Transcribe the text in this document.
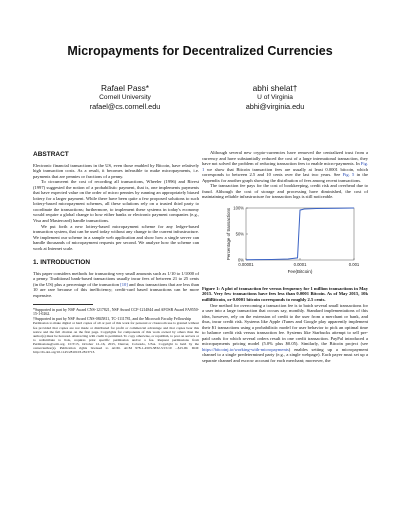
Micropayments for Decentralized Currencies
Rafael Pass*
Cornell University
rafael@cs.cornell.edu
abhi shelat†
U of Virginia
abhi@virginia.edu
ABSTRACT

Electronic financial transactions in the US, even those enabled by Bitcoin, have relatively high transaction costs. As a result, it becomes infeasible to make micropayments, i.e. payments that are pennies or fractions of a penny.

To circumvent the cost of recording all transactions, Wheeler (1996) and Rivest (1997) suggested the notion of a probabilistic payment, that is, one implements payments that have expected value on the order of micro pennies by running an appropriately biased lottery for a larger payment. While there have been quite a few proposed solutions to such lottery-based micropayment schemes, all these solutions rely on a trusted third party to coordinate the transactions; furthermore, to implement these systems in today's economy would require a global change to how either banks or electronic payment companies (e.g., Visa and Mastercard) handle transactions.

We put forth a new lottery-based micropayment scheme for any ledger-based transaction system, that can be used today without any change to the current infrastructure. We implement our scheme in a sample web application and show how a single server can handle thousands of micropayment requests per second. We analyze how the scheme can work at Internet scale.

1. INTRODUCTION

This paper considers methods for transacting very small amounts such as 1/10 to 1/1000 of a penny. Traditional bank-based transactions usually incur fees of between 21 to 25 cents (in the US) plus a percentage of the transaction [10] and thus transactions that are less than 10 are rare because of this inefficiency; credit-card based transactions can be more expensive.

*Supported in part by NSF Award CNS-1217821, NSF Award CCF-1214844 and AFOSR Award FA9550-15-1-0262.
†Supported in part by NSF Award CNS-0845811, TC-1111781, and the Microsoft Faculty Fellowship

Permission to make digital or hard copies of all or part of this work for personal or classroom use is granted without fee provided that copies are not made or distributed for profit or commercial advantage and that copies bear this notice and the full citation on the first page. Copyrights for components of this work owned by others than the author(s) must be honored. Abstracting with credit is permitted. To copy otherwise, or republish, to post on servers or to redistribute to lists, requires prior specific permission and/or a fee. Request permissions from Permissions@acm.org. CCS'15, October 12–16, 2015, Denver, Colorado, USA. Copyright is held by the owner/author(s). Publication rights licensed to ACM. ACM 978-1-4503-3832-5/15/10 ...$15.00. DOI: http://dx.doi.org/10.1145/2810103.2813713.

Although several new crypto-currencies have removed the centralized trust from a currency and have substantially reduced the cost of a large international transaction, they have not solved the problem of reducing transaction fees to enable micro-payments. In Fig. 1 we show that Bitcoin transaction fees are usually at least 0.0001 bitcoin, which corresponds to between 2.5 and 10 cents over the last two years. See Fig. 5 in the Appendix for another graph showing the distribution of fees among recent transactions.

The transaction fee pays for the cost of bookkeeping, credit risk and overhead due to fraud. Although the cost of storage and processing have diminished, the cost of maintaining reliable infrastructure for transaction logs is still noticeable.

0%
50%
100%
0.00001	0.0001	0.001
Fee(Bitcoin)
Percentage of transactions

Figure 1: A plot of transaction fee versus frequency for 1 million transactions in May 2015. Very few transactions have fees less than 0.0001 Bitcoin. As of May 2015, 10k milliBitcoin, or 0.0001 bitcoin corresponds to roughly 2.5 cents.

One method for overcoming a transaction fee is to batch several small transactions for a user into a large transaction that occurs say, monthly. Standard implementations of this idea, however, rely on the extension of credit to the user from a merchant or bank, and thus, incur credit risk. Systems like Apple iTunes and Google play apparently implement their $1 transactions using a probabilistic model for user behavior to pick an optimal time to balance credit risk versus transaction fee. Systems like Starbucks attempt to sell pre-paid cards for which several orders result in one credit transaction. PayPal introduced a micropayments pricing model (5.0% plus $0.05). Similarly, the Bitcoin project (see https://bitcoinj.io/working-with-micropayments) enables setting up a micropayment channel to a single predetermined party (e.g., a single webpage). Each payer must set up a separate channel and escrow account for each merchant; moreover, the
